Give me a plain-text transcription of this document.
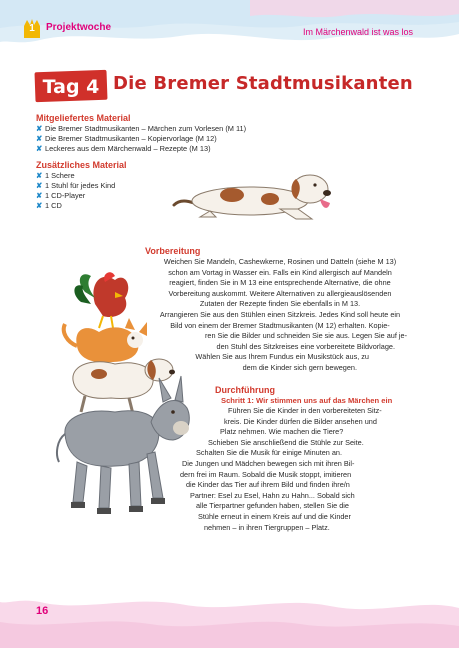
1	Projektwoche	Im Märchenwald ist was los
Tag 4 Die Bremer Stadtmusikanten
Mitgeliefertes Material
✘ Die Bremer Stadtmusikanten – Märchen zum Vorlesen (M 11)
✘ Die Bremer Stadtmusikanten – Kopiervorlage (M 12)
✘ Leckeres aus dem Märchenwald – Rezepte (M 13)
Zusätzliches Material
✘ 1 Schere
✘ 1 Stuhl für jedes Kind
✘ 1 CD-Player
✘ 1 CD
Vorbereitung
Weichen Sie Mandeln, Cashewkerne, Rosinen und Datteln (siehe M 13)
schon am Vortag in Wasser ein. Falls ein Kind allergisch auf Mandeln
reagiert, finden Sie in M 13 eine entsprechende Alternative, die ohne
Vorbereitung auskommt. Weitere Alternativen zu allergieauslösenden
Zutaten der Rezepte finden Sie ebenfalls in M 13.
Arrangieren Sie aus den Stühlen einen Sitzkreis. Jedes Kind soll heute ein
Bild von einem der Bremer Stadtmusikanten (M 12) erhalten. Kopie-
ren Sie die Bilder und schneiden Sie sie aus. Legen Sie auf je-
den Stuhl des Sitzkreises eine vorbereitete Bildvorlage.
Wählen Sie aus Ihrem Fundus ein Musikstück aus, zu
dem die Kinder sich gern bewegen.
Durchführung
Schritt 1: Wir stimmen uns auf das Märchen ein
Führen Sie die Kinder in den vorbereiteten Sitz-
kreis. Die Kinder dürfen die Bilder ansehen und
Platz nehmen. Wie machen die Tiere?
Schieben Sie anschließend die Stühle zur Seite.
Schalten Sie die Musik für einige Minuten an.
Die Jungen und Mädchen bewegen sich mit ihren Bil-
dern frei im Raum. Sobald die Musik stoppt, imitieren
die Kinder das Tier auf ihrem Bild und finden ihre/n
Partner: Esel zu Esel, Hahn zu Hahn... Sobald sich
alle Tierpartner gefunden haben, stellen Sie die
Stühle erneut in einem Kreis auf und die Kinder
nehmen – in ihren Tiergruppen – Platz.
16
